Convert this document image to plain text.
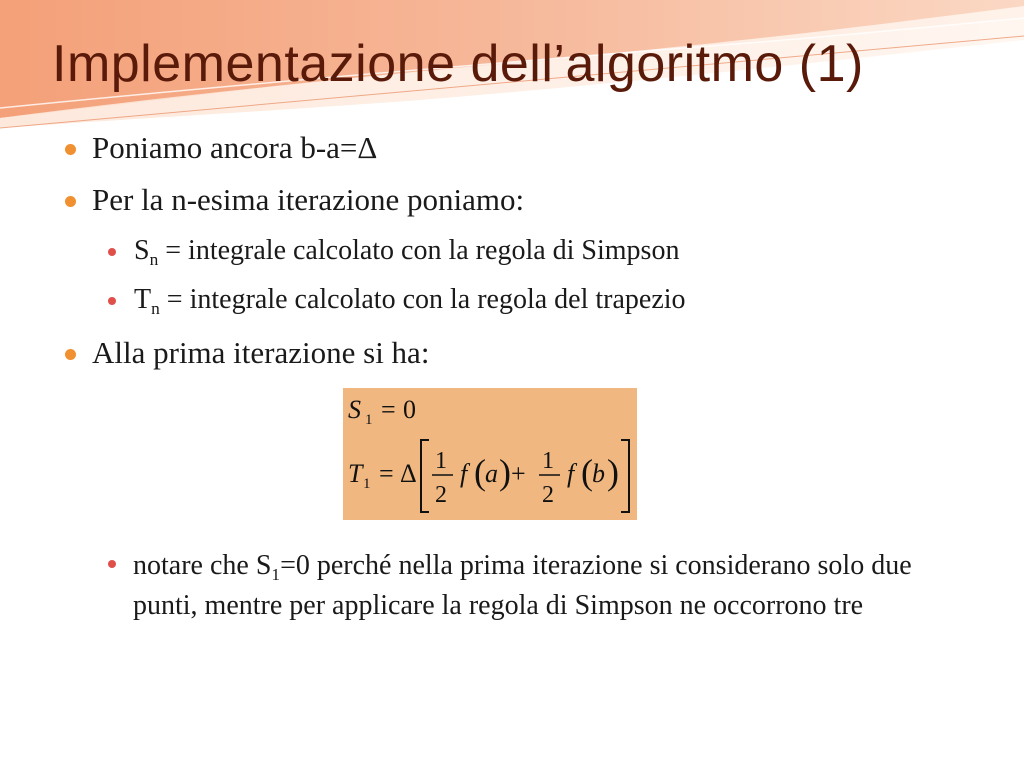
Implementazione dell’algoritmo (1)
Poniamo ancora b-a=Δ
Per la n-esima iterazione poniamo:
$S_n$ = integrale calcolato con la regola di Simpson
$T_n$ = integrale calcolato con la regola del trapezio
Alla prima iterazione si ha:
S 1 = 0
T 1 = Δ 1
2
f ( a ) + 1
2
f ( b )
notare che $S_1=0$ perché nella prima iterazione si considerano solo due punti, mentre per applicare la regola di Simpson ne occorrono tre
